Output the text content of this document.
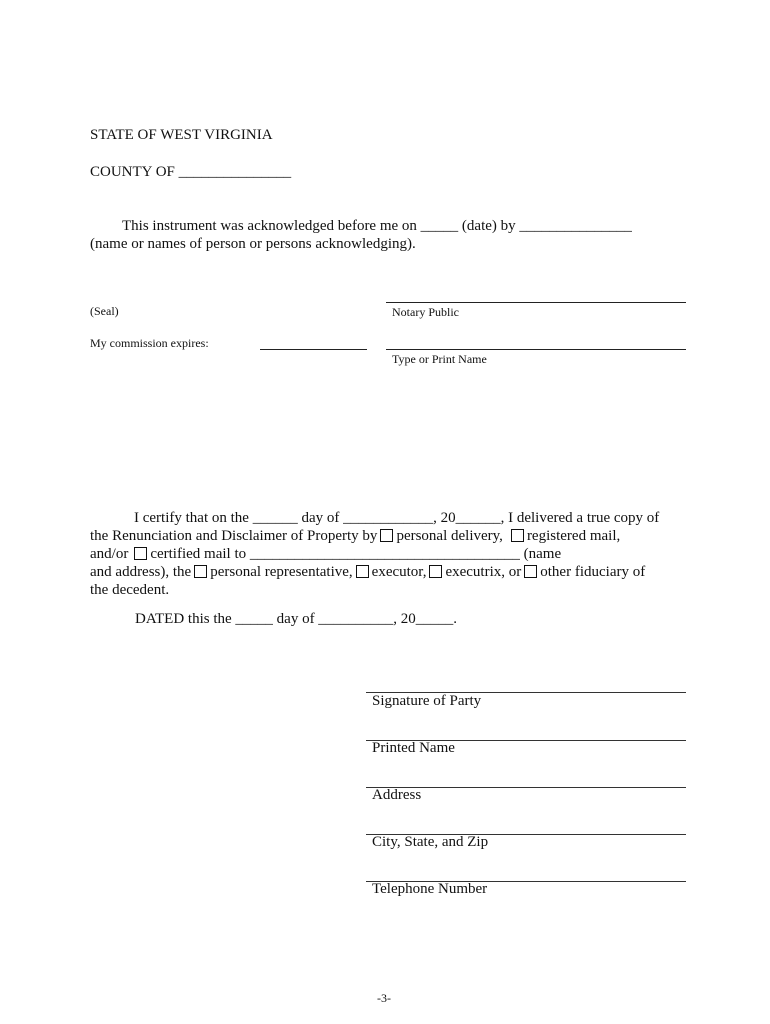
STATE OF WEST VIRGINIA
COUNTY OF _______________
This instrument was acknowledged before me on _____ (date) by _______________
(name or names of person or persons acknowledging).
(Seal)	Notary Public
My commission expires:
Type or Print Name
I certify that on the ______ day of ____________, 20______, I delivered a true copy of
the Renunciation and Disclaimer of Property by personal delivery, registered mail,
and/or certified mail to ____________________________________ (name
and address), the personal representative, executor, executrix, or other fiduciary of
the decedent.
DATED this the _____ day of __________, 20_____.
Signature of Party
Printed Name
Address
City, State, and Zip
Telephone Number
-3-
